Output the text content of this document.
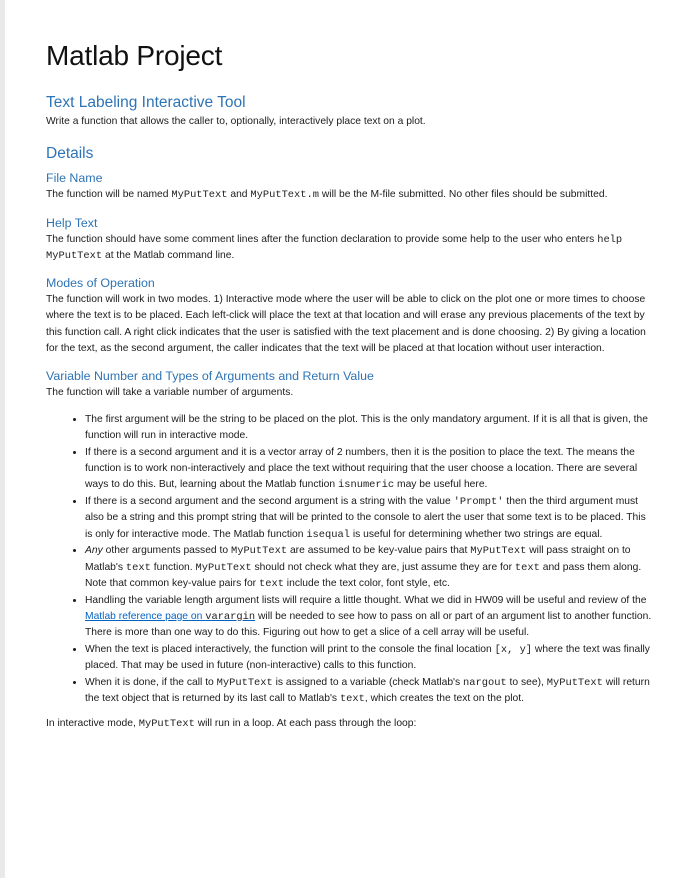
Matlab Project
Text Labeling Interactive Tool

Write a function that allows the caller to, optionally, interactively place text on a plot.

Details
File Name

The function will be named MyPutText and MyPutText.m will be the M-file submitted. No other files should be submitted.

Help Text

The function should have some comment lines after the function declaration to provide some help to the user who enters help MyPutText at the Matlab command line.

Modes of Operation

The function will work in two modes. 1) Interactive mode where the user will be able to click on the plot one or more times to choose where the text is to be placed. Each left-click will place the text at that location and will erase any previous placements of the text by this function call. A right click indicates that the user is satisfied with the text placement and is done choosing. 2) By giving a location for the text, as the second argument, the caller indicates that the text will be placed at that location without user interaction.

Variable Number and Types of Arguments and Return Value

The function will take a variable number of arguments.

• The first argument will be the string to be placed on the plot. This is the only mandatory argument. If it is all that is given, the function will run in interactive mode.
• If there is a second argument and it is a vector array of 2 numbers, then it is the position to place the text. The means the function is to work non-interactively and place the text without requiring that the user choose a location. There are several ways to do this. But, learning about the Matlab function isnumeric may be useful here.
• If there is a second argument and the second argument is a string with the value 'Prompt' then the third argument must also be a string and this prompt string that will be printed to the console to alert the user that some text is to be placed. This is only for interactive mode. The Matlab function isequal is useful for determining whether two strings are equal.
• Any other arguments passed to MyPutText are assumed to be key-value pairs that MyPutText will pass straight on to Matlab's text function. MyPutText should not check what they are, just assume they are for text and pass them along. Note that common key-value pairs for text include the text color, font style, etc.
• Handling the variable length argument lists will require a little thought. What we did in HW09 will be useful and review of the Matlab reference page on varargin will be needed to see how to pass on all or part of an argument list to another function. There is more than one way to do this. Figuring out how to get a slice of a cell array will be useful.
• When the text is placed interactively, the function will print to the console the final location [x, y] where the text was finally placed. That may be used in future (non-interactive) calls to this function.
• When it is done, if the call to MyPutText is assigned to a variable (check Matlab's nargout to see), MyPutText will return the text object that is returned by its last call to Matlab's text, which creates the text on the plot.

In interactive mode, MyPutText will run in a loop. At each pass through the loop:
